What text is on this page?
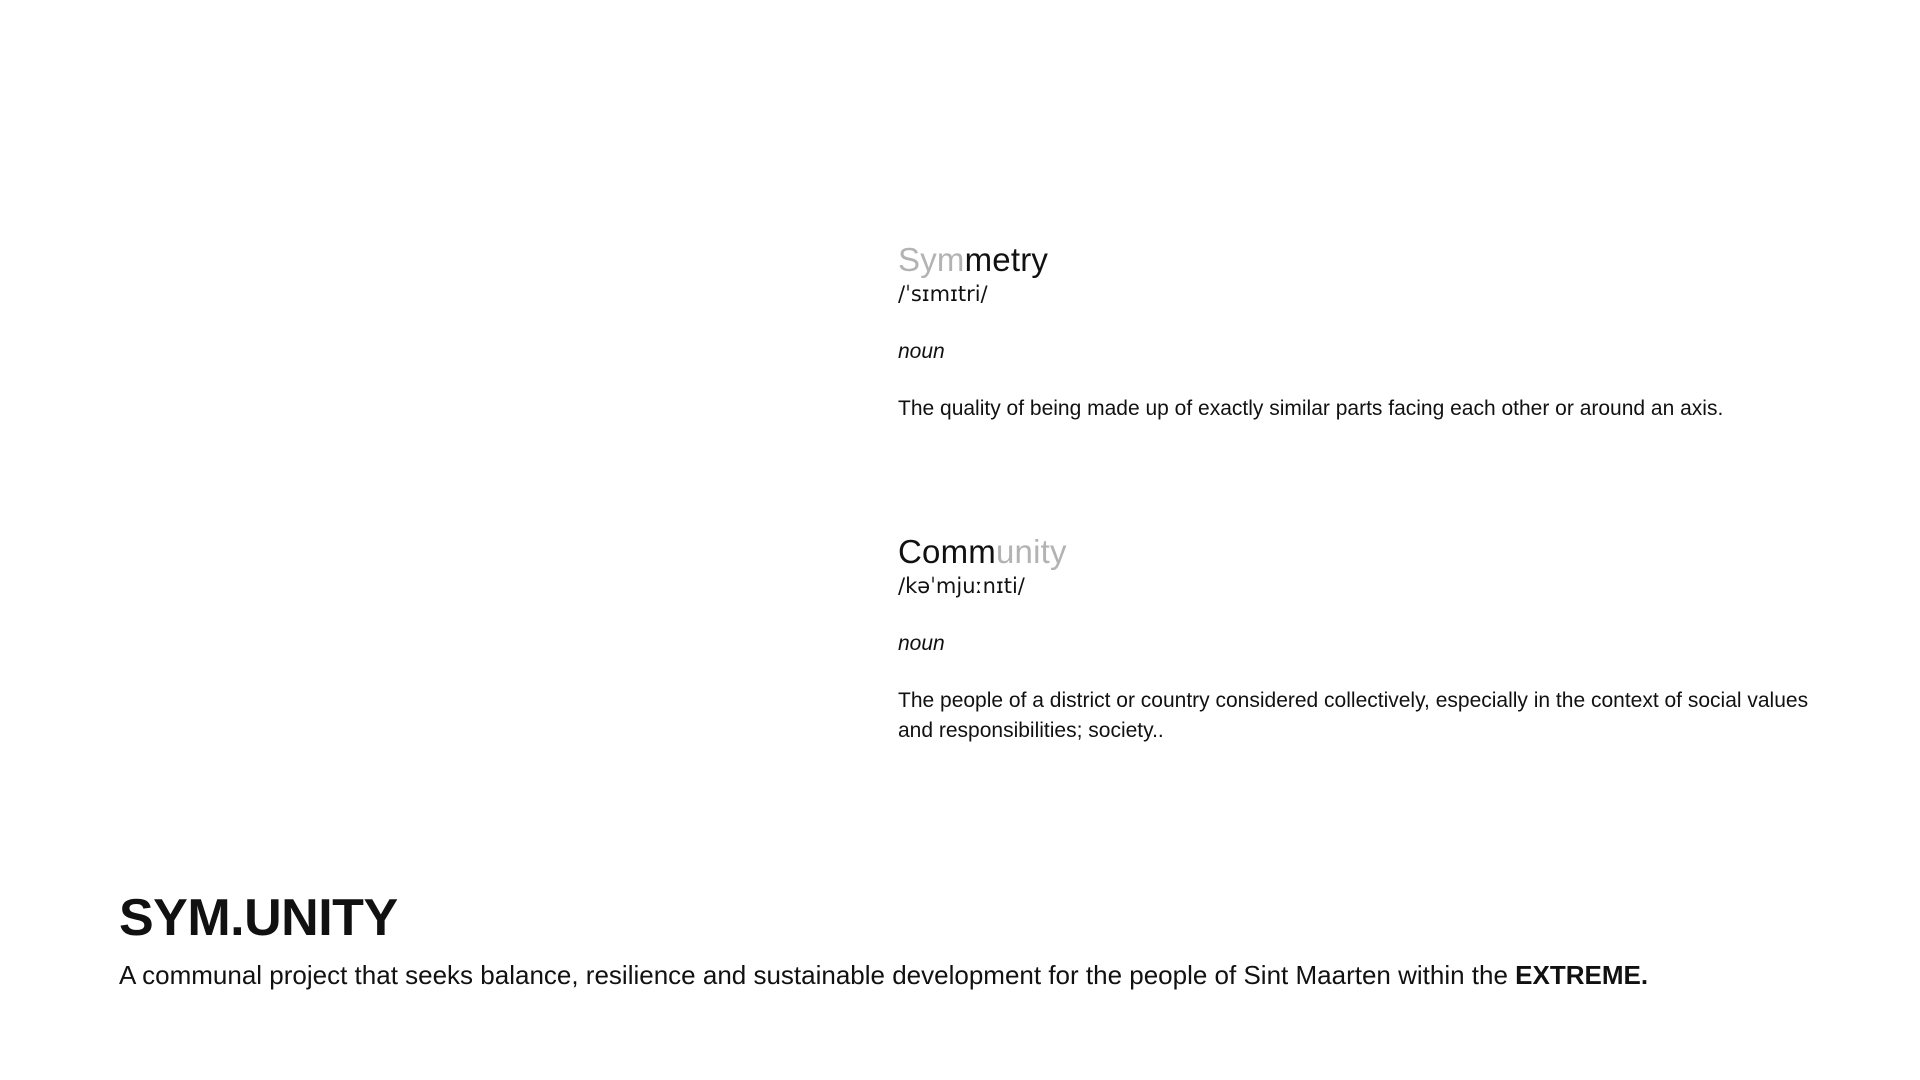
Symmetry
/ˈsɪmɪtri/
noun
The quality of being made up of exactly similar parts facing each other or around an axis.
Community
/kəˈmjuːnɪti/
noun
The people of a district or country considered collectively, especially in the context of social values and responsibilities; society..
SYM.UNITY
A communal project that seeks balance, resilience and sustainable development for the people of Sint Maarten within the EXTREME.
